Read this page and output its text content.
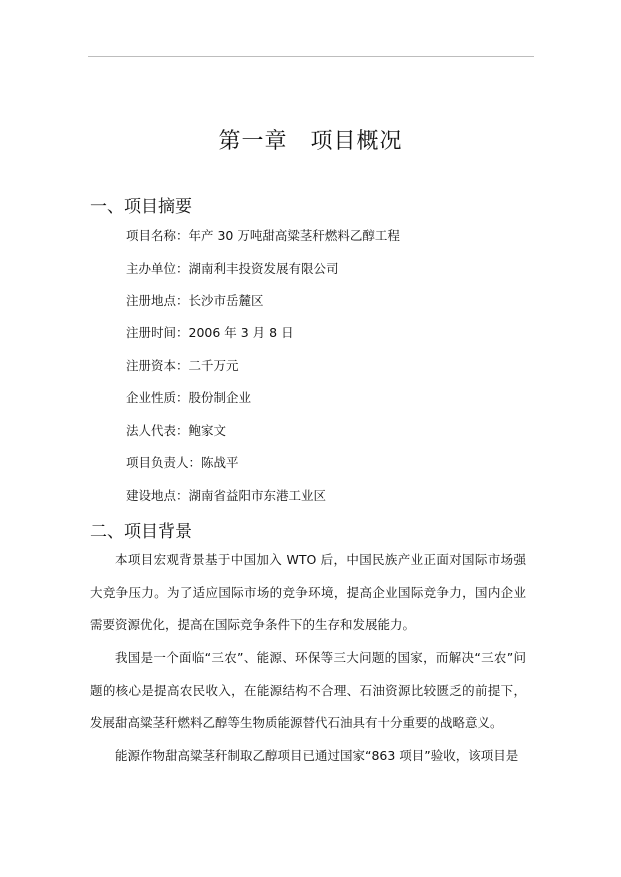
第一章　项目概况
一、项目摘要
项目名称：年产 30 万吨甜高粱茎秆燃料乙醇工程
主办单位：湖南利丰投资发展有限公司
注册地点：长沙市岳麓区
注册时间：2006 年 3 月 8 日
注册资本：二千万元
企业性质：股份制企业
法人代表：鲍家文
项目负责人：陈战平
建设地点：湖南省益阳市东港工业区
二、项目背景
本项目宏观背景基于中国加入 WTO 后，中国民族产业正面对国际市场强大竞争压力。为了适应国际市场的竞争环境，提高企业国际竞争力，国内企业需要资源优化，提高在国际竞争条件下的生存和发展能力。
我国是一个面临“三农”、能源、环保等三大问题的国家，而解决“三农”问题的核心是提高农民收入，在能源结构不合理、石油资源比较匮乏的前提下，发展甜高粱茎秆燃料乙醇等生物质能源替代石油具有十分重要的战略意义。
能源作物甜高粱茎秆制取乙醇项目已通过国家“863 项目”验收，该项目是
